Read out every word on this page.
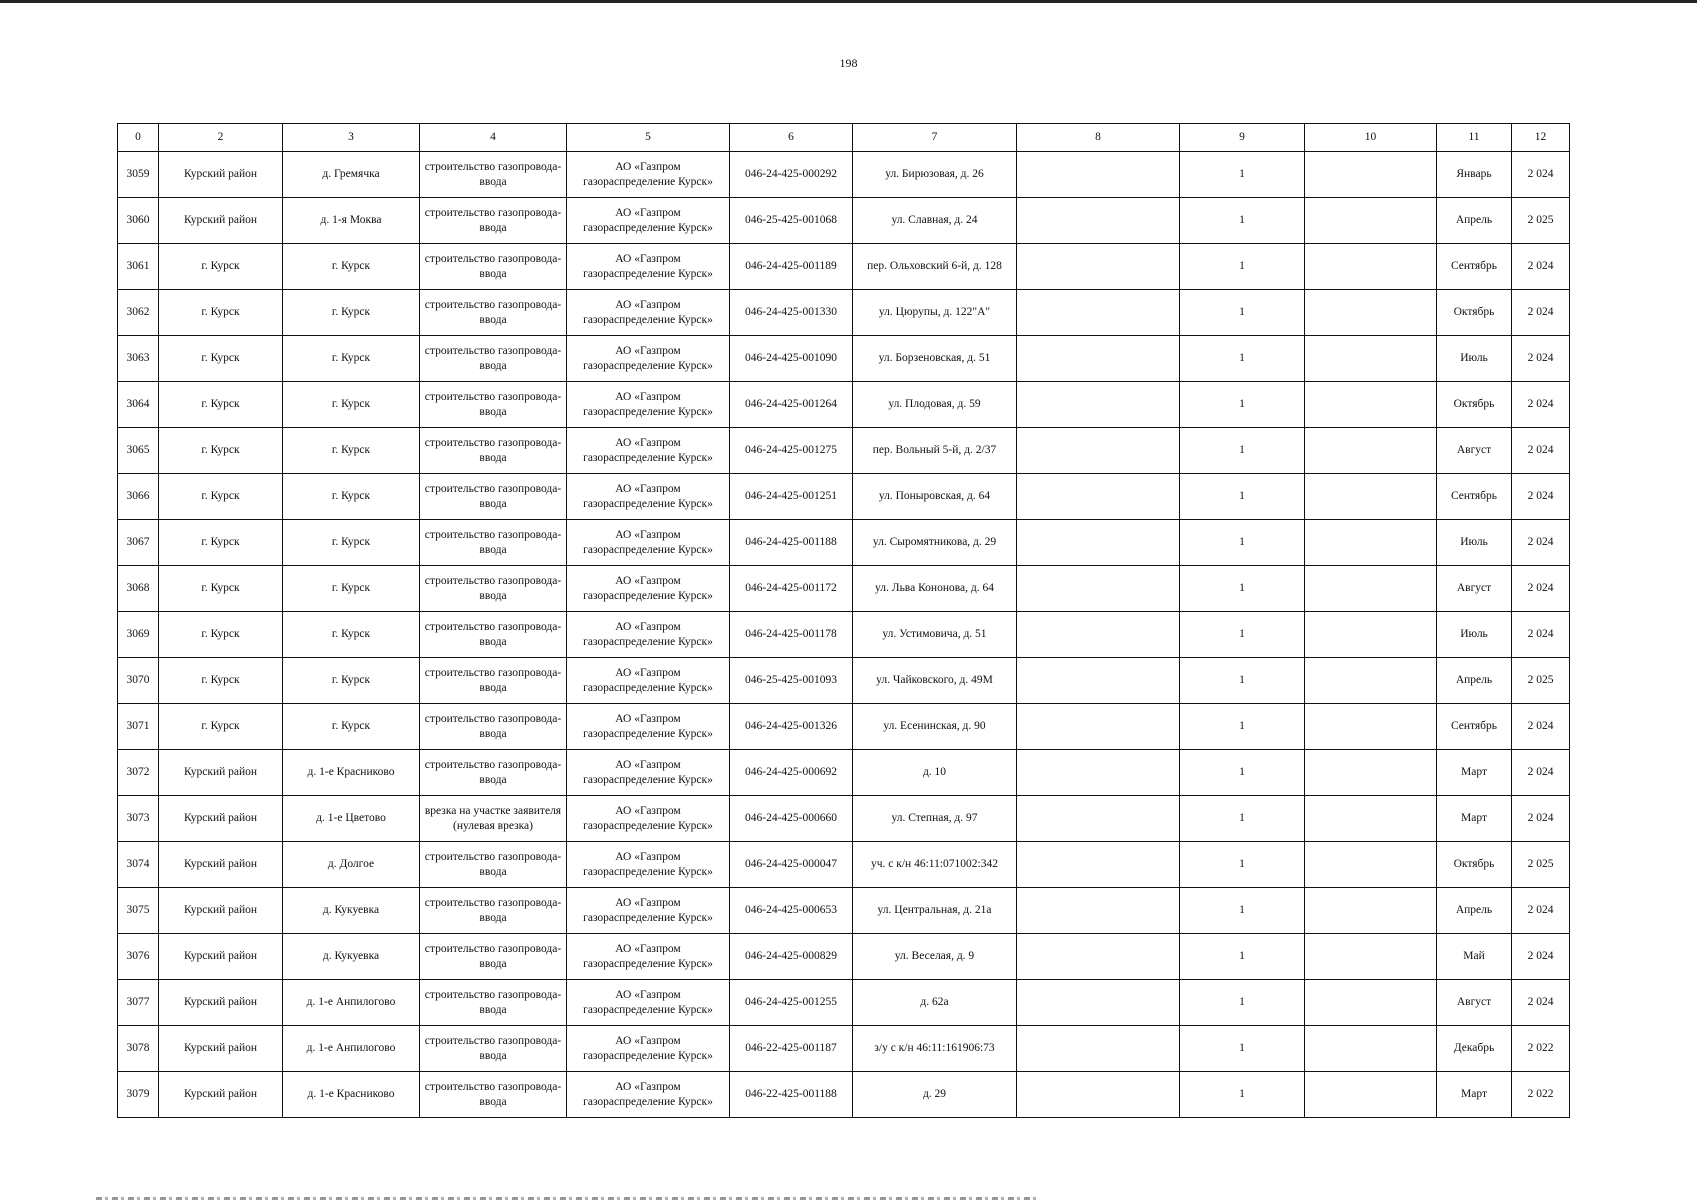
198
0	2	3	4	5	6	7	8	9	10	11	12
3059	Курский район	д. Гремячка	строительство газопровода-ввода	АО «Газпром газораспределение Курск»	046-24-425-000292	ул. Бирюзовая, д. 26		1		Январь	2 024
3060	Курский район	д. 1-я Моква	строительство газопровода-ввода	АО «Газпром газораспределение Курск»	046-25-425-001068	ул. Славная, д. 24		1		Апрель	2 025
3061	г. Курск	г. Курск	строительство газопровода-ввода	АО «Газпром газораспределение Курск»	046-24-425-001189	пер. Ольховский 6-й, д. 128		1		Сентябрь	2 024
3062	г. Курск	г. Курск	строительство газопровода-ввода	АО «Газпром газораспределение Курск»	046-24-425-001330	ул. Цюрупы, д. 122"А"		1		Октябрь	2 024
3063	г. Курск	г. Курск	строительство газопровода-ввода	АО «Газпром газораспределение Курск»	046-24-425-001090	ул. Борзеновская, д. 51		1		Июль	2 024
3064	г. Курск	г. Курск	строительство газопровода-ввода	АО «Газпром газораспределение Курск»	046-24-425-001264	ул. Плодовая, д. 59		1		Октябрь	2 024
3065	г. Курск	г. Курск	строительство газопровода-ввода	АО «Газпром газораспределение Курск»	046-24-425-001275	пер. Вольный 5-й, д. 2/37		1		Август	2 024
3066	г. Курск	г. Курск	строительство газопровода-ввода	АО «Газпром газораспределение Курск»	046-24-425-001251	ул. Поныровская, д. 64		1		Сентябрь	2 024
3067	г. Курск	г. Курск	строительство газопровода-ввода	АО «Газпром газораспределение Курск»	046-24-425-001188	ул. Сыромятникова, д. 29		1		Июль	2 024
3068	г. Курск	г. Курск	строительство газопровода-ввода	АО «Газпром газораспределение Курск»	046-24-425-001172	ул. Льва Кононова, д. 64		1		Август	2 024
3069	г. Курск	г. Курск	строительство газопровода-ввода	АО «Газпром газораспределение Курск»	046-24-425-001178	ул. Устимовича, д. 51		1		Июль	2 024
3070	г. Курск	г. Курск	строительство газопровода-ввода	АО «Газпром газораспределение Курск»	046-25-425-001093	ул. Чайковского, д. 49М		1		Апрель	2 025
3071	г. Курск	г. Курск	строительство газопровода-ввода	АО «Газпром газораспределение Курск»	046-24-425-001326	ул. Есенинская, д. 90		1		Сентябрь	2 024
3072	Курский район	д. 1-е Красниково	строительство газопровода-ввода	АО «Газпром газораспределение Курск»	046-24-425-000692	д. 10		1		Март	2 024
3073	Курский район	д. 1-е Цветово	врезка на участке заявителя (нулевая врезка)	АО «Газпром газораспределение Курск»	046-24-425-000660	ул. Степная, д. 97		1		Март	2 024
3074	Курский район	д. Долгое	строительство газопровода-ввода	АО «Газпром газораспределение Курск»	046-24-425-000047	уч. с к/н 46:11:071002:342		1		Октябрь	2 025
3075	Курский район	д. Кукуевка	строительство газопровода-ввода	АО «Газпром газораспределение Курск»	046-24-425-000653	ул. Центральная, д. 21а		1		Апрель	2 024
3076	Курский район	д. Кукуевка	строительство газопровода-ввода	АО «Газпром газораспределение Курск»	046-24-425-000829	ул. Веселая, д. 9		1		Май	2 024
3077	Курский район	д. 1-е Анпилогово	строительство газопровода-ввода	АО «Газпром газораспределение Курск»	046-24-425-001255	д. 62а		1		Август	2 024
3078	Курский район	д. 1-е Анпилогово	строительство газопровода-ввода	АО «Газпром газораспределение Курск»	046-22-425-001187	з/у с к/н 46:11:161906:73		1		Декабрь	2 022
3079	Курский район	д. 1-е Красниково	строительство газопровода-ввода	АО «Газпром газораспределение Курск»	046-22-425-001188	д. 29		1		Март	2 022
